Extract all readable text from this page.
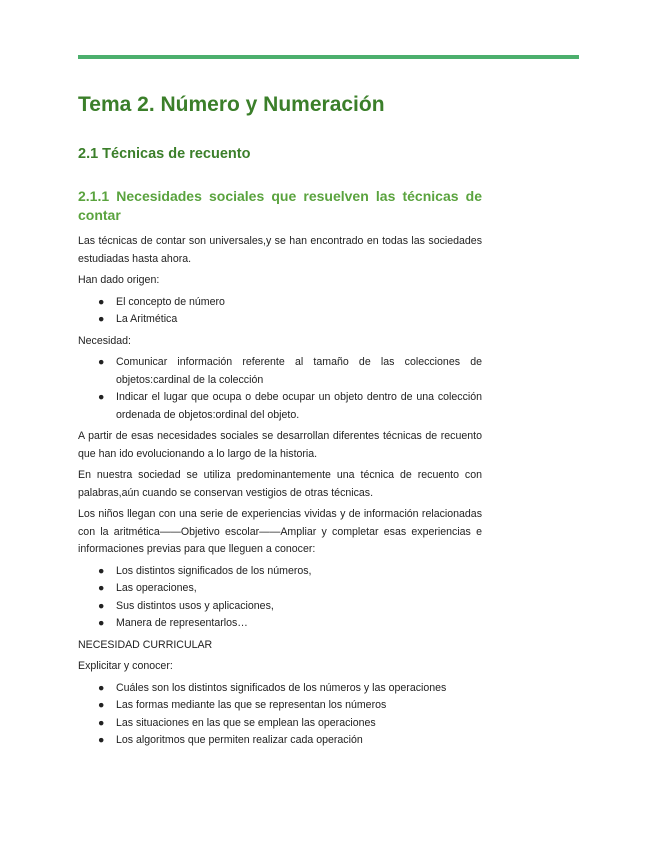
Tema 2. Número y Numeración
2.1 Técnicas de recuento
2.1.1 Necesidades sociales que resuelven las técnicas de contar

Las técnicas de contar son universales,y se han encontrado en todas las sociedades estudiadas hasta ahora.

Han dado origen:

● El concepto de número
● La Aritmética

Necesidad:

● Comunicar información referente al tamaño de las colecciones de objetos:cardinal de la colección
● Indicar el lugar que ocupa o debe ocupar un objeto dentro de una colección ordenada de objetos:ordinal del objeto.

A partir de esas necesidades sociales se desarrollan diferentes técnicas de recuento que han ido evolucionando a lo largo de la historia.

En nuestra sociedad se utiliza predominantemente una técnica de recuento con palabras,aún cuando se conservan vestigios de otras técnicas.

Los niños llegan con una serie de experiencias vividas y de información relacionadas con la aritmética——Objetivo escolar——Ampliar y completar esas experiencias e informaciones previas para que lleguen a conocer:

● Los distintos significados de los números,
● Las operaciones,
● Sus distintos usos y aplicaciones,
● Manera de representarlos…

NECESIDAD CURRICULAR

Explicitar y conocer:

● Cuáles son los distintos significados de los números y las operaciones
● Las formas mediante las que se representan los números
● Las situaciones en las que se emplean las operaciones
● Los algoritmos que permiten realizar cada operación
